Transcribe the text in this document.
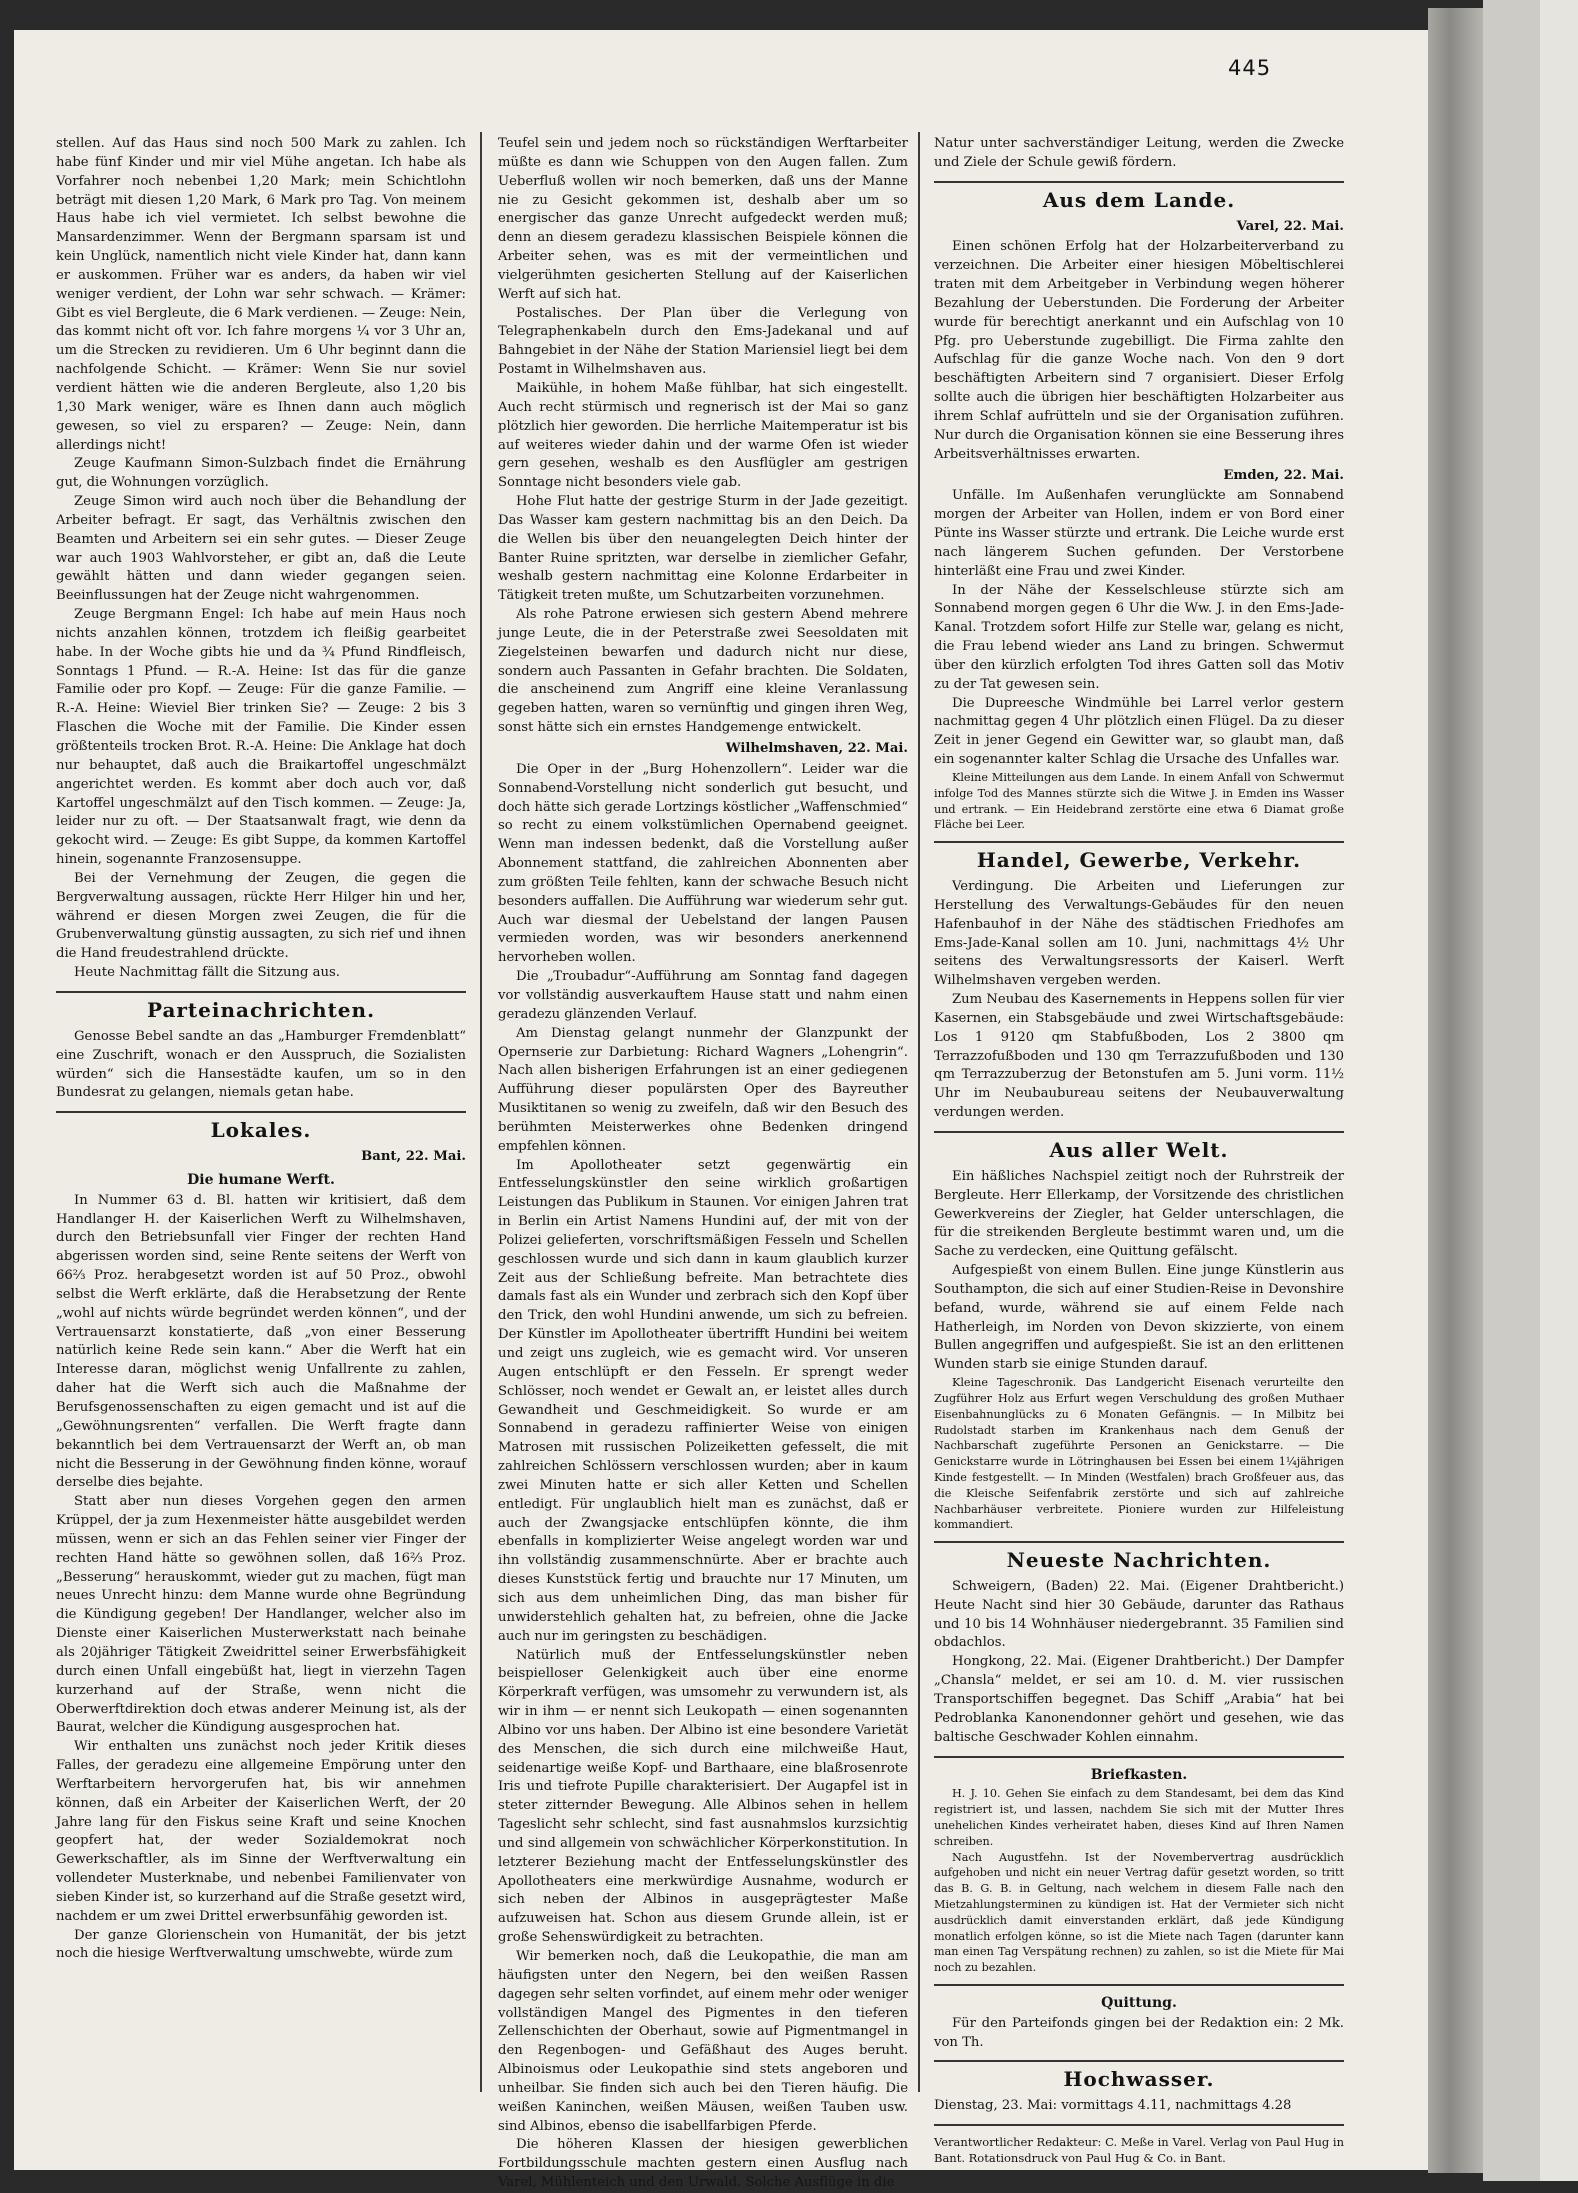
445

stellen. Auf das Haus sind noch 500 Mark zu zahlen. Ich habe fünf Kinder und mir viel Mühe angetan. Ich habe als Vorfahrer noch nebenbei 1,20 Mark; mein Schichtlohn beträgt mit diesen 1,20 Mark, 6 Mark pro Tag. Von meinem Haus habe ich viel vermietet. Ich selbst bewohne die Mansardenzimmer. Wenn der Bergmann sparsam ist und kein Unglück, namentlich nicht viele Kinder hat, dann kann er auskommen. Früher war es anders, da haben wir viel weniger verdient, der Lohn war sehr schwach. — Krämer: Gibt es viel Bergleute, die 6 Mark verdienen. — Zeuge: Nein, das kommt nicht oft vor. Ich fahre morgens ¼ vor 3 Uhr an, um die Strecken zu revidieren. Um 6 Uhr beginnt dann die nachfolgende Schicht. — Krämer: Wenn Sie nur soviel verdient hätten wie die anderen Bergleute, also 1,20 bis 1,30 Mark weniger, wäre es Ihnen dann auch möglich gewesen, so viel zu ersparen? — Zeuge: Nein, dann allerdings nicht!

Zeuge Kaufmann Simon-Sulzbach findet die Ernährung gut, die Wohnungen vorzüglich.

Zeuge Simon wird auch noch über die Behandlung der Arbeiter befragt. Er sagt, das Verhältnis zwischen den Beamten und Arbeitern sei ein sehr gutes. — Dieser Zeuge war auch 1903 Wahlvorsteher, er gibt an, daß die Leute gewählt hätten und dann wieder gegangen seien. Beeinflussungen hat der Zeuge nicht wahrgenommen.

Zeuge Bergmann Engel: Ich habe auf mein Haus noch nichts anzahlen können, trotzdem ich fleißig gearbeitet habe. In der Woche gibts hie und da ¾ Pfund Rindfleisch, Sonntags 1 Pfund. — R.-A. Heine: Ist das für die ganze Familie oder pro Kopf. — Zeuge: Für die ganze Familie. — R.-A. Heine: Wieviel Bier trinken Sie? — Zeuge: 2 bis 3 Flaschen die Woche mit der Familie. Die Kinder essen größtenteils trocken Brot. R.-A. Heine: Die Anklage hat doch nur behauptet, daß auch die Braikartoffel ungeschmälzt angerichtet werden. Es kommt aber doch auch vor, daß Kartoffel ungeschmälzt auf den Tisch kommen. — Zeuge: Ja, leider nur zu oft. — Der Staatsanwalt fragt, wie denn da gekocht wird. — Zeuge: Es gibt Suppe, da kommen Kartoffel hinein, sogenannte Franzosensuppe.

Bei der Vernehmung der Zeugen, die gegen die Bergverwaltung aussagen, rückte Herr Hilger hin und her, während er diesen Morgen zwei Zeugen, die für die Grubenverwaltung günstig aussagten, zu sich rief und ihnen die Hand freudestrahlend drückte.

Heute Nachmittag fällt die Sitzung aus.

Parteinachrichten.

Genosse Bebel sandte an das „Hamburger Fremdenblatt“ eine Zuschrift, wonach er den Ausspruch, die Sozialisten würden“ sich die Hansestädte kaufen, um so in den Bundesrat zu gelangen, niemals getan habe.

Lokales.
Bant, 22. Mai.
Die humane Werft.

In Nummer 63 d. Bl. hatten wir kritisiert, daß dem Handlanger H. der Kaiserlichen Werft zu Wilhelmshaven, durch den Betriebsunfall vier Finger der rechten Hand abgerissen worden sind, seine Rente seitens der Werft von 66⅔ Proz. herabgesetzt worden ist auf 50 Proz., obwohl selbst die Werft erklärte, daß die Herabsetzung der Rente „wohl auf nichts würde begründet werden können“, und der Vertrauensarzt konstatierte, daß „von einer Besserung natürlich keine Rede sein kann.“ Aber die Werft hat ein Interesse daran, möglichst wenig Unfallrente zu zahlen, daher hat die Werft sich auch die Maßnahme der Berufsgenossenschaften zu eigen gemacht und ist auf die „Gewöhnungsrenten“ verfallen. Die Werft fragte dann bekanntlich bei dem Vertrauensarzt der Werft an, ob man nicht die Besserung in der Gewöhnung finden könne, worauf derselbe dies bejahte.

Statt aber nun dieses Vorgehen gegen den armen Krüppel, der ja zum Hexenmeister hätte ausgebildet werden müssen, wenn er sich an das Fehlen seiner vier Finger der rechten Hand hätte so gewöhnen sollen, daß 16⅔ Proz. „Besserung“ herauskommt, wieder gut zu machen, fügt man neues Unrecht hinzu: dem Manne wurde ohne Begründung die Kündigung gegeben! Der Handlanger, welcher also im Dienste einer Kaiserlichen Musterwerkstatt nach beinahe als 20jähriger Tätigkeit Zweidrittel seiner Erwerbsfähigkeit durch einen Unfall eingebüßt hat, liegt in vierzehn Tagen kurzerhand auf der Straße, wenn nicht die Oberwerftdirektion doch etwas anderer Meinung ist, als der Baurat, welcher die Kündigung ausgesprochen hat.

Wir enthalten uns zunächst noch jeder Kritik dieses Falles, der geradezu eine allgemeine Empörung unter den Werftarbeitern hervorgerufen hat, bis wir annehmen können, daß ein Arbeiter der Kaiserlichen Werft, der 20 Jahre lang für den Fiskus seine Kraft und seine Knochen geopfert hat, der weder Sozialdemokrat noch Gewerkschaftler, als im Sinne der Werftverwaltung ein vollendeter Musterknabe, und nebenbei Familienvater von sieben Kinder ist, so kurzerhand auf die Straße gesetzt wird, nachdem er um zwei Drittel erwerbsunfähig geworden ist.

Der ganze Glorienschein von Humanität, der bis jetzt noch die hiesige Werftverwaltung umschwebte, würde zum

Teufel sein und jedem noch so rückständigen Werftarbeiter müßte es dann wie Schuppen von den Augen fallen. Zum Ueberfluß wollen wir noch bemerken, daß uns der Manne nie zu Gesicht gekommen ist, deshalb aber um so energischer das ganze Unrecht aufgedeckt werden muß; denn an diesem geradezu klassischen Beispiele können die Arbeiter sehen, was es mit der vermeintlichen und vielgerühmten gesicherten Stellung auf der Kaiserlichen Werft auf sich hat.

Postalisches. Der Plan über die Verlegung von Telegraphenkabeln durch den Ems-Jadekanal und auf Bahngebiet in der Nähe der Station Mariensiel liegt bei dem Postamt in Wilhelmshaven aus.

Maikühle, in hohem Maße fühlbar, hat sich eingestellt. Auch recht stürmisch und regnerisch ist der Mai so ganz plötzlich hier geworden. Die herrliche Maitemperatur ist bis auf weiteres wieder dahin und der warme Ofen ist wieder gern gesehen, weshalb es den Ausflügler am gestrigen Sonntage nicht besonders viele gab.

Hohe Flut hatte der gestrige Sturm in der Jade gezeitigt. Das Wasser kam gestern nachmittag bis an den Deich. Da die Wellen bis über den neuangelegten Deich hinter der Banter Ruine spritzten, war derselbe in ziemlicher Gefahr, weshalb gestern nachmittag eine Kolonne Erdarbeiter in Tätigkeit treten mußte, um Schutzarbeiten vorzunehmen.

Als rohe Patrone erwiesen sich gestern Abend mehrere junge Leute, die in der Peterstraße zwei Seesoldaten mit Ziegelsteinen bewarfen und dadurch nicht nur diese, sondern auch Passanten in Gefahr brachten. Die Soldaten, die anscheinend zum Angriff eine kleine Veranlassung gegeben hatten, waren so vernünftig und gingen ihren Weg, sonst hätte sich ein ernstes Handgemenge entwickelt.

Wilhelmshaven, 22. Mai.

Die Oper in der „Burg Hohenzollern“. Leider war die Sonnabend-Vorstellung nicht sonderlich gut besucht, und doch hätte sich gerade Lortzings köstlicher „Waffenschmied“ so recht zu einem volkstümlichen Opernabend geeignet. Wenn man indessen bedenkt, daß die Vorstellung außer Abonnement stattfand, die zahlreichen Abonnenten aber zum größten Teile fehlten, kann der schwache Besuch nicht besonders auffallen. Die Aufführung war wiederum sehr gut. Auch war diesmal der Uebelstand der langen Pausen vermieden worden, was wir besonders anerkennend hervorheben wollen.

Die „Troubadur“-Aufführung am Sonntag fand dagegen vor vollständig ausverkauftem Hause statt und nahm einen geradezu glänzenden Verlauf.

Am Dienstag gelangt nunmehr der Glanzpunkt der Opernserie zur Darbietung: Richard Wagners „Lohengrin“. Nach allen bisherigen Erfahrungen ist an einer gediegenen Aufführung dieser populärsten Oper des Bayreuther Musiktitanen so wenig zu zweifeln, daß wir den Besuch des berühmten Meisterwerkes ohne Bedenken dringend empfehlen können.

Im Apollotheater setzt gegenwärtig ein Entfesselungskünstler den seine wirklich großartigen Leistungen das Publikum in Staunen. Vor einigen Jahren trat in Berlin ein Artist Namens Hundini auf, der mit von der Polizei gelieferten, vorschriftsmäßigen Fesseln und Schellen geschlossen wurde und sich dann in kaum glaublich kurzer Zeit aus der Schließung befreite. Man betrachtete dies damals fast als ein Wunder und zerbrach sich den Kopf über den Trick, den wohl Hundini anwende, um sich zu befreien. Der Künstler im Apollotheater übertrifft Hundini bei weitem und zeigt uns zugleich, wie es gemacht wird. Vor unseren Augen entschlüpft er den Fesseln. Er sprengt weder Schlösser, noch wendet er Gewalt an, er leistet alles durch Gewandheit und Geschmeidigkeit. So wurde er am Sonnabend in geradezu raffinierter Weise von einigen Matrosen mit russischen Polizeiketten gefesselt, die mit zahlreichen Schlössern verschlossen wurden; aber in kaum zwei Minuten hatte er sich aller Ketten und Schellen entledigt. Für unglaublich hielt man es zunächst, daß er auch der Zwangsjacke entschlüpfen könnte, die ihm ebenfalls in komplizierter Weise angelegt worden war und ihn vollständig zusammenschnürte. Aber er brachte auch dieses Kunststück fertig und brauchte nur 17 Minuten, um sich aus dem unheimlichen Ding, das man bisher für unwiderstehlich gehalten hat, zu befreien, ohne die Jacke auch nur im geringsten zu beschädigen.

Natürlich muß der Entfesselungskünstler neben beispielloser Gelenkigkeit auch über eine enorme Körperkraft verfügen, was umsomehr zu verwundern ist, als wir in ihm — er nennt sich Leukopath — einen sogenannten Albino vor uns haben. Der Albino ist eine besondere Varietät des Menschen, die sich durch eine milchweiße Haut, seidenartige weiße Kopf- und Barthaare, eine blaßrosenrote Iris und tiefrote Pupille charakterisiert. Der Augapfel ist in steter zitternder Bewegung. Alle Albinos sehen in hellem Tageslicht sehr schlecht, sind fast ausnahmslos kurzsichtig und sind allgemein von schwächlicher Körperkonstitution. In letzterer Beziehung macht der Entfesselungskünstler des Apollotheaters eine merkwürdige Ausnahme, wodurch er sich neben der Albinos in ausgeprägtester Maße aufzuweisen hat. Schon aus diesem Grunde allein, ist er große Sehenswürdigkeit zu betrachten.

Wir bemerken noch, daß die Leukopathie, die man am häufigsten unter den Negern, bei den weißen Rassen dagegen sehr selten vorfindet, auf einem mehr oder weniger vollständigen Mangel des Pigmentes in den tieferen Zellenschichten der Oberhaut, sowie auf Pigmentmangel in den Regenbogen- und Gefäßhaut des Auges beruht. Albinoismus oder Leukopathie sind stets angeboren und unheilbar. Sie finden sich auch bei den Tieren häufig. Die weißen Kaninchen, weißen Mäusen, weißen Tauben usw. sind Albinos, ebenso die isabellfarbigen Pferde.

Die höheren Klassen der hiesigen gewerblichen Fortbildungsschule machten gestern einen Ausflug nach Varel, Mühlenteich und den Urwald. Solche Ausflüge in die

Natur unter sachverständiger Leitung, werden die Zwecke und Ziele der Schule gewiß fördern.

Aus dem Lande.
Varel, 22. Mai.

Einen schönen Erfolg hat der Holzarbeiterverband zu verzeichnen. Die Arbeiter einer hiesigen Möbeltischlerei traten mit dem Arbeitgeber in Verbindung wegen höherer Bezahlung der Ueberstunden. Die Forderung der Arbeiter wurde für berechtigt anerkannt und ein Aufschlag von 10 Pfg. pro Ueberstunde zugebilligt. Die Firma zahlte den Aufschlag für die ganze Woche nach. Von den 9 dort beschäftigten Arbeitern sind 7 organisiert. Dieser Erfolg sollte auch die übrigen hier beschäftigten Holzarbeiter aus ihrem Schlaf aufrütteln und sie der Organisation zuführen. Nur durch die Organisation können sie eine Besserung ihres Arbeitsverhältnisses erwarten.

Emden, 22. Mai.

Unfälle. Im Außenhafen verunglückte am Sonnabend morgen der Arbeiter van Hollen, indem er von Bord einer Pünte ins Wasser stürzte und ertrank. Die Leiche wurde erst nach längerem Suchen gefunden. Der Verstorbene hinterläßt eine Frau und zwei Kinder.

In der Nähe der Kesselschleuse stürzte sich am Sonnabend morgen gegen 6 Uhr die Ww. J. in den Ems-Jade-Kanal. Trotzdem sofort Hilfe zur Stelle war, gelang es nicht, die Frau lebend wieder ans Land zu bringen. Schwermut über den kürzlich erfolgten Tod ihres Gatten soll das Motiv zu der Tat gewesen sein.

Die Dupreesche Windmühle bei Larrel verlor gestern nachmittag gegen 4 Uhr plötzlich einen Flügel. Da zu dieser Zeit in jener Gegend ein Gewitter war, so glaubt man, daß ein sogenannter kalter Schlag die Ursache des Unfalles war.

Kleine Mitteilungen aus dem Lande. In einem Anfall von Schwermut infolge Tod des Mannes stürzte sich die Witwe J. in Emden ins Wasser und ertrank. — Ein Heidebrand zerstörte eine etwa 6 Diamat große Fläche bei Leer.

Handel, Gewerbe, Verkehr.

Verdingung. Die Arbeiten und Lieferungen zur Herstellung des Verwaltungs-Gebäudes für den neuen Hafenbauhof in der Nähe des städtischen Friedhofes am Ems-Jade-Kanal sollen am 10. Juni, nachmittags 4½ Uhr seitens des Verwaltungsressorts der Kaiserl. Werft Wilhelmshaven vergeben werden.

Zum Neubau des Kasernements in Heppens sollen für vier Kasernen, ein Stabsgebäude und zwei Wirtschaftsgebäude: Los 1 9120 qm Stabfußboden, Los 2 3800 qm Terrazzofußboden und 130 qm Terrazzufußboden und 130 qm Terrazzuberzug der Betonstufen am 5. Juni vorm. 11½ Uhr im Neubaubureau seitens der Neubauverwaltung verdungen werden.

Aus aller Welt.

Ein häßliches Nachspiel zeitigt noch der Ruhrstreik der Bergleute. Herr Ellerkamp, der Vorsitzende des christlichen Gewerkvereins der Ziegler, hat Gelder unterschlagen, die für die streikenden Bergleute bestimmt waren und, um die Sache zu verdecken, eine Quittung gefälscht.

Aufgespießt von einem Bullen. Eine junge Künstlerin aus Southampton, die sich auf einer Studien-Reise in Devonshire befand, wurde, während sie auf einem Felde nach Hatherleigh, im Norden von Devon skizzierte, von einem Bullen angegriffen und aufgespießt. Sie ist an den erlittenen Wunden starb sie einige Stunden darauf.

Kleine Tageschronik. Das Landgericht Eisenach verurteilte den Zugführer Holz aus Erfurt wegen Verschuldung des großen Muthaer Eisenbahnunglücks zu 6 Monaten Gefängnis. — In Milbitz bei Rudolstadt starben im Krankenhaus nach dem Genuß der Nachbarschaft zugeführte Personen an Genickstarre. — Die Genickstarre wurde in Lötringhausen bei Essen bei einem 1¼jährigen Kinde festgestellt. — In Minden (Westfalen) brach Großfeuer aus, das die Kleische Seifenfabrik zerstörte und sich auf zahlreiche Nachbarhäuser verbreitete. Pioniere wurden zur Hilfeleistung kommandiert.

Neueste Nachrichten.

Schweigern, (Baden) 22. Mai. (Eigener Drahtbericht.) Heute Nacht sind hier 30 Gebäude, darunter das Rathaus und 10 bis 14 Wohnhäuser niedergebrannt. 35 Familien sind obdachlos.

Hongkong, 22. Mai. (Eigener Drahtbericht.) Der Dampfer „Chansla“ meldet, er sei am 10. d. M. vier russischen Transportschiffen begegnet. Das Schiff „Arabia“ hat bei Pedroblanka Kanonendonner gehört und gesehen, wie das baltische Geschwader Kohlen einnahm.

Briefkasten.

H. J. 10. Gehen Sie einfach zu dem Standesamt, bei dem das Kind registriert ist, und lassen, nachdem Sie sich mit der Mutter Ihres unehelichen Kindes verheiratet haben, dieses Kind auf Ihren Namen schreiben.

Nach Augustfehn. Ist der Novembervertrag ausdrücklich aufgehoben und nicht ein neuer Vertrag dafür gesetzt worden, so tritt das B. G. B. in Geltung, nach welchem in diesem Falle nach den Mietzahlungsterminen zu kündigen ist. Hat der Vermieter sich nicht ausdrücklich damit einverstanden erklärt, daß jede Kündigung monatlich erfolgen könne, so ist die Miete nach Tagen (darunter kann man einen Tag Verspätung rechnen) zu zahlen, so ist die Miete für Mai noch zu bezahlen.

Quittung.

Für den Parteifonds gingen bei der Redaktion ein: 2 Mk. von Th.

Hochwasser.

Dienstag, 23. Mai: vormittags 4.11, nachmittags 4.28

Verantwortlicher Redakteur: C. Meße in Varel. Verlag von Paul Hug in Bant. Rotationsdruck von Paul Hug & Co. in Bant.
